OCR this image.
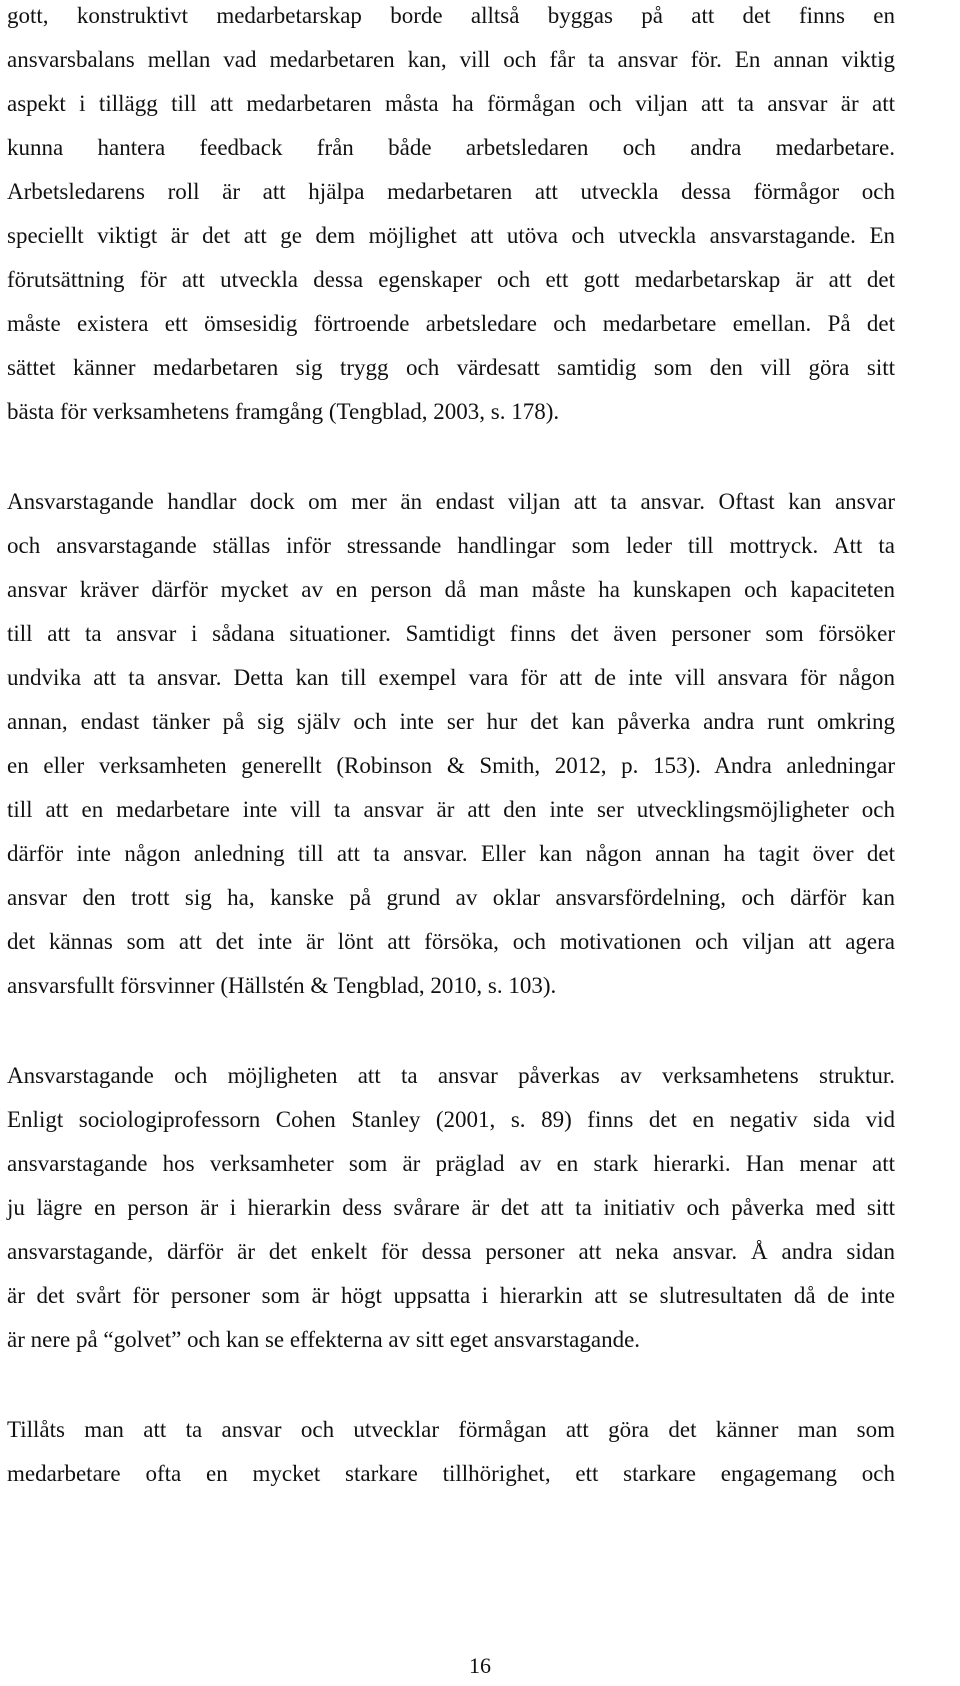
gott, konstruktivt medarbetarskap borde alltså byggas på att det finns en
ansvarsbalans mellan vad medarbetaren kan, vill och får ta ansvar för. En annan viktig
aspekt i tillägg till att medarbetaren måsta ha förmågan och viljan att ta ansvar är att
kunna hantera feedback från både arbetsledaren och andra medarbetare.
Arbetsledarens roll är att hjälpa medarbetaren att utveckla dessa förmågor och
speciellt viktigt är det att ge dem möjlighet att utöva och utveckla ansvarstagande. En
förutsättning för att utveckla dessa egenskaper och ett gott medarbetarskap är att det
måste existera ett ömsesidig förtroende arbetsledare och medarbetare emellan. På det
sättet känner medarbetaren sig trygg och värdesatt samtidig som den vill göra sitt
bästa för verksamhetens framgång (Tengblad, 2003, s. 178).
Ansvarstagande handlar dock om mer än endast viljan att ta ansvar. Oftast kan ansvar
och ansvarstagande ställas inför stressande handlingar som leder till mottryck. Att ta
ansvar kräver därför mycket av en person då man måste ha kunskapen och kapaciteten
till att ta ansvar i sådana situationer. Samtidigt finns det även personer som försöker
undvika att ta ansvar. Detta kan till exempel vara för att de inte vill ansvara för någon
annan, endast tänker på sig själv och inte ser hur det kan påverka andra runt omkring
en eller verksamheten generellt (Robinson & Smith, 2012, p. 153). Andra anledningar
till att en medarbetare inte vill ta ansvar är att den inte ser utvecklingsmöjligheter och
därför inte någon anledning till att ta ansvar. Eller kan någon annan ha tagit över det
ansvar den trott sig ha, kanske på grund av oklar ansvarsfördelning, och därför kan
det kännas som att det inte är lönt att försöka, och motivationen och viljan att agera
ansvarsfullt försvinner (Hällstén & Tengblad, 2010, s. 103).
Ansvarstagande och möjligheten att ta ansvar påverkas av verksamhetens struktur.
Enligt sociologiprofessorn Cohen Stanley (2001, s. 89) finns det en negativ sida vid
ansvarstagande hos verksamheter som är präglad av en stark hierarki. Han menar att
ju lägre en person är i hierarkin dess svårare är det att ta initiativ och påverka med sitt
ansvarstagande, därför är det enkelt för dessa personer att neka ansvar. Å andra sidan
är det svårt för personer som är högt uppsatta i hierarkin att se slutresultaten då de inte
är nere på “golvet” och kan se effekterna av sitt eget ansvarstagande.
Tillåts man att ta ansvar och utvecklar förmågan att göra det känner man som
medarbetare ofta en mycket starkare tillhörighet, ett starkare engagemang och
16
